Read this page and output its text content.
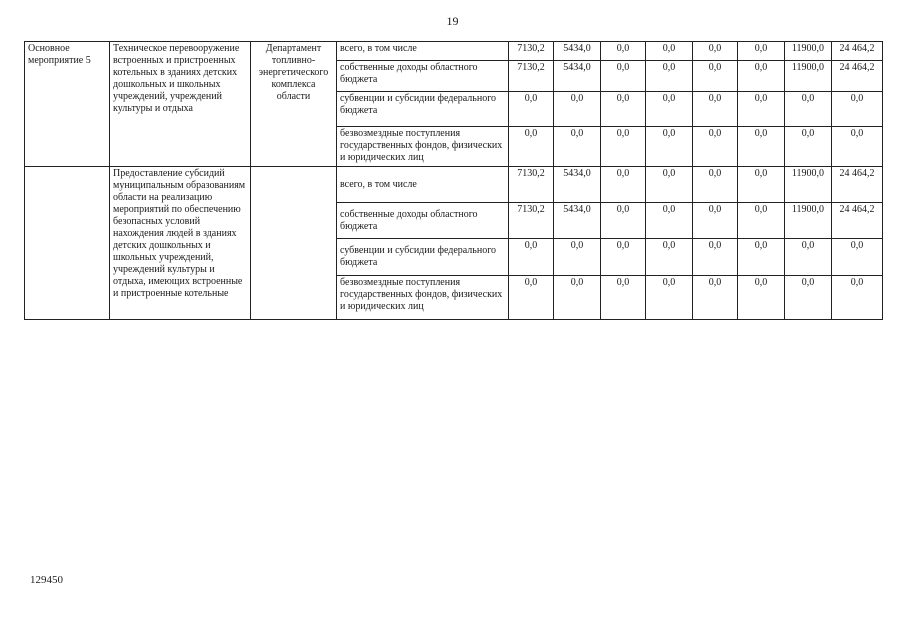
19
Основное мероприятие 5	Техническое перевооружение встроенных и пристроенных котельных в зданиях детских дошкольных и школьных учреждений, учреждений культуры и отдыха	Департамент топливно-энергетического комплекса области	всего, в том числе	7130,2	5434,0	0,0	0,0	0,0	0,0	11900,0	24 464,2
			собственные доходы областного бюджета	7130,2	5434,0	0,0	0,0	0,0	0,0	11900,0	24 464,2
			субвенции и субсидии федерального бюджета	0,0	0,0	0,0	0,0	0,0	0,0	0,0	0,0
			безвозмездные поступления государственных фондов, физических и юридических лиц	0,0	0,0	0,0	0,0	0,0	0,0	0,0	0,0
	Предоставление субсидий муниципальным образованиям области на реализацию мероприятий по обеспечению безопасных условий нахождения людей в зданиях детских дошкольных и школьных учреждений, учреждений культуры и отдыха, имеющих встроенные и пристроенные котельные		всего, в том числе	7130,2	5434,0	0,0	0,0	0,0	0,0	11900,0	24 464,2
			собственные доходы областного бюджета	7130,2	5434,0	0,0	0,0	0,0	0,0	11900,0	24 464,2
			субвенции и субсидии федерального бюджета	0,0	0,0	0,0	0,0	0,0	0,0	0,0	0,0
			безвозмездные поступления государственных фондов, физических и юридических лиц	0,0	0,0	0,0	0,0	0,0	0,0	0,0	0,0
129450
